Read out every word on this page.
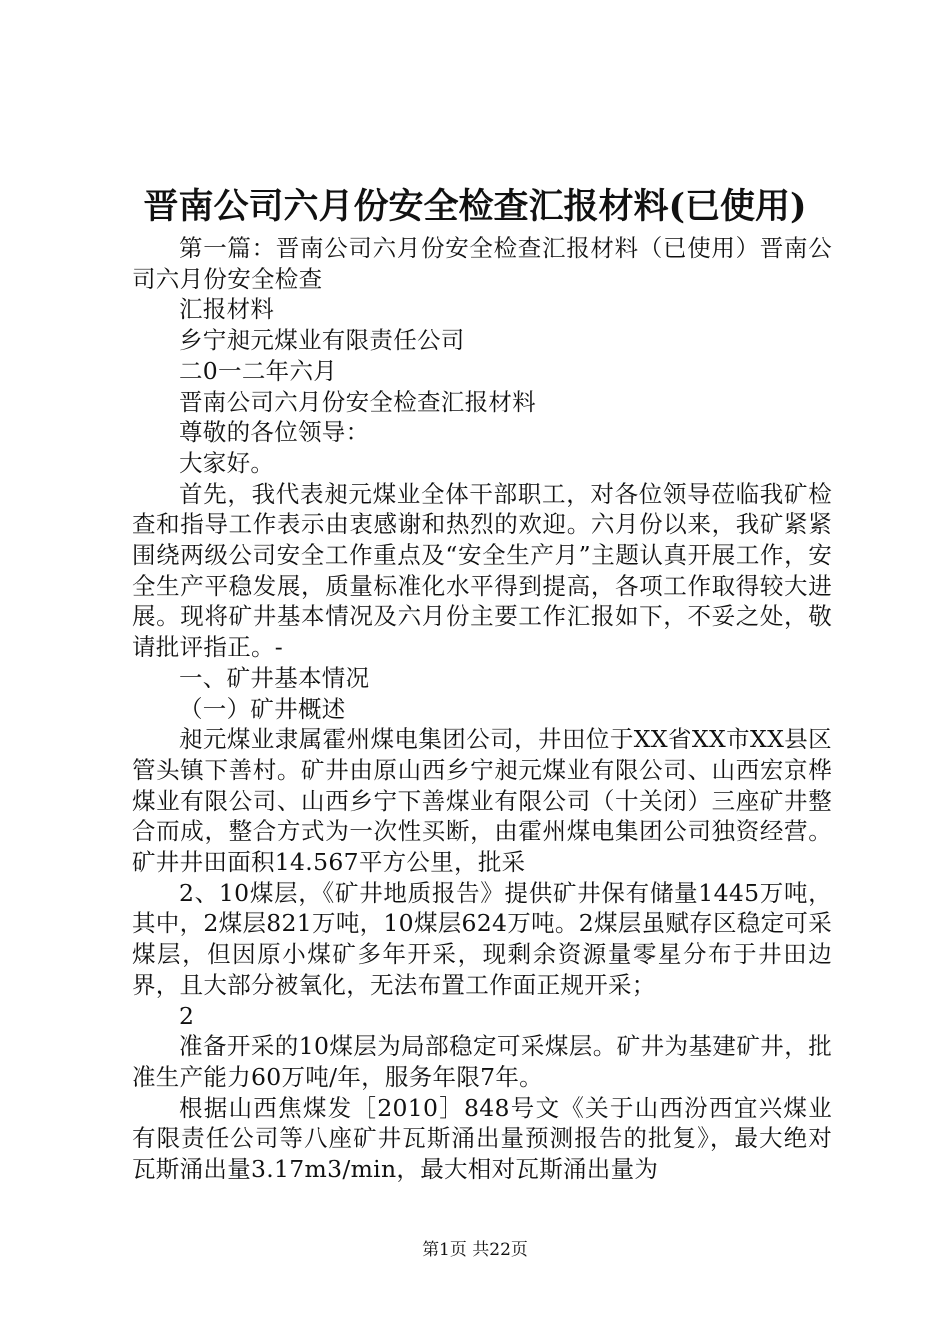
晋南公司六月份安全检查汇报材料(已使用)

第一篇：晋南公司六月份安全检查汇报材料（已使用）晋南公司六月份安全检查

汇报材料

乡宁昶元煤业有限责任公司

二0一二年六月

晋南公司六月份安全检查汇报材料

尊敬的各位领导：

大家好。

首先，我代表昶元煤业全体干部职工，对各位领导莅临我矿检查和指导工作表示由衷感谢和热烈的欢迎。六月份以来，我矿紧紧围绕两级公司安全工作重点及“安全生产月”主题认真开展工作，安全生产平稳发展，质量标准化水平得到提高，各项工作取得较大进展。现将矿井基本情况及六月份主要工作汇报如下，不妥之处，敬请批评指正。-

一、矿井基本情况

（一）矿井概述

昶元煤业隶属霍州煤电集团公司，井田位于XX省XX市XX县区管头镇下善村。矿井由原山西乡宁昶元煤业有限公司、山西宏京桦煤业有限公司、山西乡宁下善煤业有限公司（十关闭）三座矿井整合而成，整合方式为一次性买断，由霍州煤电集团公司独资经营。矿井井田面积14.567平方公里，批采

2、10煤层，《矿井地质报告》提供矿井保有储量1445万吨，其中，2煤层821万吨，10煤层624万吨。2煤层虽赋存区稳定可采煤层，但因原小煤矿多年开采，现剩余资源量零星分布于井田边界，且大部分被氧化，无法布置工作面正规开采；

2

准备开采的10煤层为局部稳定可采煤层。矿井为基建矿井，批准生产能力60万吨/年，服务年限7年。

根据山西焦煤发［2010］848号文《关于山西汾西宜兴煤业有限责任公司等八座矿井瓦斯涌出量预测报告的批复》，最大绝对瓦斯涌出量3.17m3/min，最大相对瓦斯涌出量为

第1页 共22页
